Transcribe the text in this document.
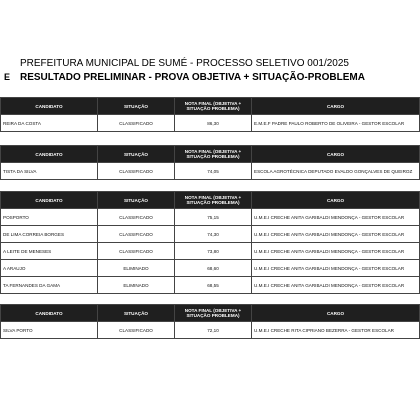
E
PREFEITURA MUNICIPAL DE SUMÉ - PROCESSO SELETIVO 001/2025
RESULTADO PRELIMINAR - PROVA OBJETIVA + SITUAÇÃO-PROBLEMA
CANDIDATO	SITUAÇÃO	NOTA FINAL (OBJETIVA + SITUAÇÃO PROBLEMA)	CARGO
REIRA DA COSTA	CLASSIFICADO	86,30	E.M.E.F PADRE PAULO ROBERTO DE OLIVEIRA - GESTOR ESCOLAR
CANDIDATO	SITUAÇÃO	NOTA FINAL (OBJETIVA + SITUAÇÃO PROBLEMA)	CARGO
TISTA DA SILVA	CLASSIFICADO	74,05	ESCOLA AGROTÉCNICA DEPUTADO EVALDO GONÇALVES DE QUEIROZ
CANDIDATO	SITUAÇÃO	NOTA FINAL (OBJETIVA + SITUAÇÃO PROBLEMA)	CARGO
POSPORTO	CLASSIFICADO	75,15	U.M.E.I CRECHE ANITA GARIBALDI MENDONÇA - GESTOR ESCOLAR
DE LIMA CORREIA BORGES	CLASSIFICADO	74,30	U.M.E.I CRECHE ANITA GARIBALDI MENDONÇA - GESTOR ESCOLAR
A LEITE DE MENESES	CLASSIFICADO	73,80	U.M.E.I CRECHE ANITA GARIBALDI MENDONÇA - GESTOR ESCOLAR
A ARAUJO	ELIMINADO	68,60	U.M.E.I CRECHE ANITA GARIBALDI MENDONÇA - GESTOR ESCOLAR
TA FERNANDES DA GAMA	ELIMINADO	68,55	U.M.E.I CRECHE ANITA GARIBALDI MENDONÇA - GESTOR ESCOLAR
CANDIDATO	SITUAÇÃO	NOTA FINAL (OBJETIVA + SITUAÇÃO PROBLEMA)	CARGO
SILVA PORTO	CLASSIFICADO	72,10	U.M.E.I CRECHE RITA CIPRIANO BEZERRA - GESTOR ESCOLAR
